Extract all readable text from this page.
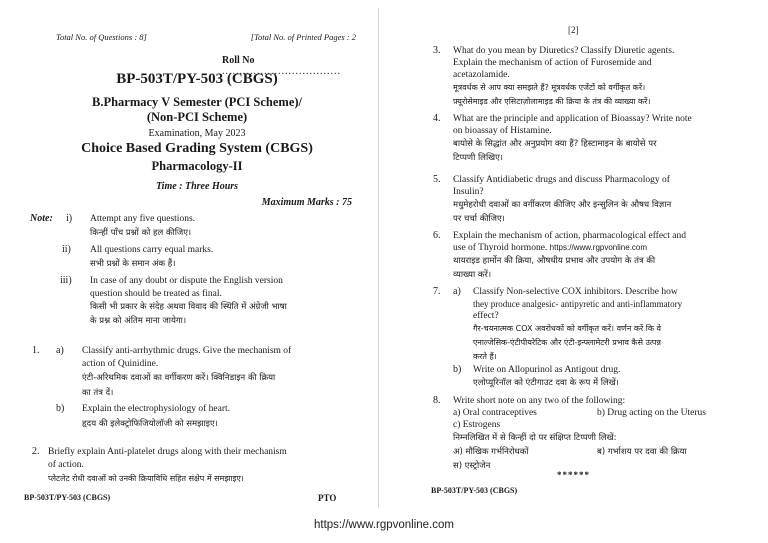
Total No. of Questions : 8]	[Total No. of Printed Pages : 2
Roll No ..................................
BP-503T/PY-503 (CBGS)
B.Pharmacy V Semester (PCI Scheme)/
(Non-PCI Scheme)
Examination, May 2023
Choice Based Grading System (CBGS)
Pharmacology-II
Time : Three Hours
Maximum Marks : 75
Note: i) Attempt any five questions.
किन्हीं पाँच प्रश्नों को हल कीजिए।
ii) All questions carry equal marks.
सभी प्रश्नों के समान अंक हैं।
iii) In case of any doubt or dispute the English version
question should be treated as final.
किसी भी प्रकार के संदेह अथवा विवाद की स्थिति में अंग्रेजी भाषा
के प्रश्न को अंतिम माना जायेगा।
1. a) Classify anti-arrhythmic drugs. Give the mechanism of
action of Quinidine.
एंटी-अरिथमिक दवाओं का वर्गीकरण करें। क्विनिडाइन की क्रिया
का तंत्र दें।
b) Explain the electrophysiology of heart.
हृदय की इलेक्ट्रोफिजियोलॉजी को समझाइए।
2. Briefly explain Anti-platelet drugs along with their mechanism
of action.
प्लेटलेट रोधी दवाओं को उनकी क्रियाविधि सहित संक्षेप में समझाइए।
BP-503T/PY-503 (CBGS)	PTO
[2]
3. What do you mean by Diuretics? Classify Diuretic agents.
Explain the mechanism of action of Furosemide and
acetazolamide.
मूत्रवर्धक से आप क्या समझते हैं? मूत्रवर्धक एजेंटों को वर्गीकृत करें।
फ़्यूरोसेमाइड और एसिटाज़ोलामाइड की क्रिया के तंत्र की व्याख्या करें।
4. What are the principle and application of Bioassay? Write note
on bioassay of Histamine.
बायोसे के सिद्धांत और अनुप्रयोग क्या हैं? हिस्टामाइन के बायोसे पर
टिप्पणी लिखिए।
5. Classify Antidiabetic drugs and discuss Pharmacology of
Insulin?
मधुमेहरोधी दवाओं का वर्गीकरण कीजिए और इन्सुलिन के औषध विज्ञान
पर चर्चा कीजिए।
6. Explain the mechanism of action, pharmacological effect and
use of Thyroid hormone. https://www.rgpvonline.com
थायराइड हार्मोन की क्रिया, औषधीय प्रभाव और उपयोग के तंत्र की
व्याख्या करें।
7. a) Classify Non-selective COX inhibitors. Describe how
they produce analgesic- antipyretic and anti-inflammatory
effect?
गैर-चयनात्मक COX अवरोधकों को वर्गीकृत करें। वर्णन करें कि वे
एनाल्जेसिक-एंटीपीयरेटिक और एंटी-इन्फ्लामेटरी प्रभाव कैसे उत्पन्न
करते हैं।
b) Write on Allopurinol as Antigout drug.
एलोप्यूरिनॉल को एंटीगाउट दवा के रूप में लिखें।
8. Write short note on any two of the following:
a) Oral contraceptives	b) Drug acting on the Uterus
c) Estrogens
निम्नलिखित में से किन्हीं दो पर संक्षिप्त टिप्पणी लिखें:
अ) मौखिक गर्भनिरोधकों	ब) गर्भाशय पर दवा की क्रिया
स) एस्ट्रोजेन
******
BP-503T/PY-503 (CBGS)
https://www.rgpvonline.com
